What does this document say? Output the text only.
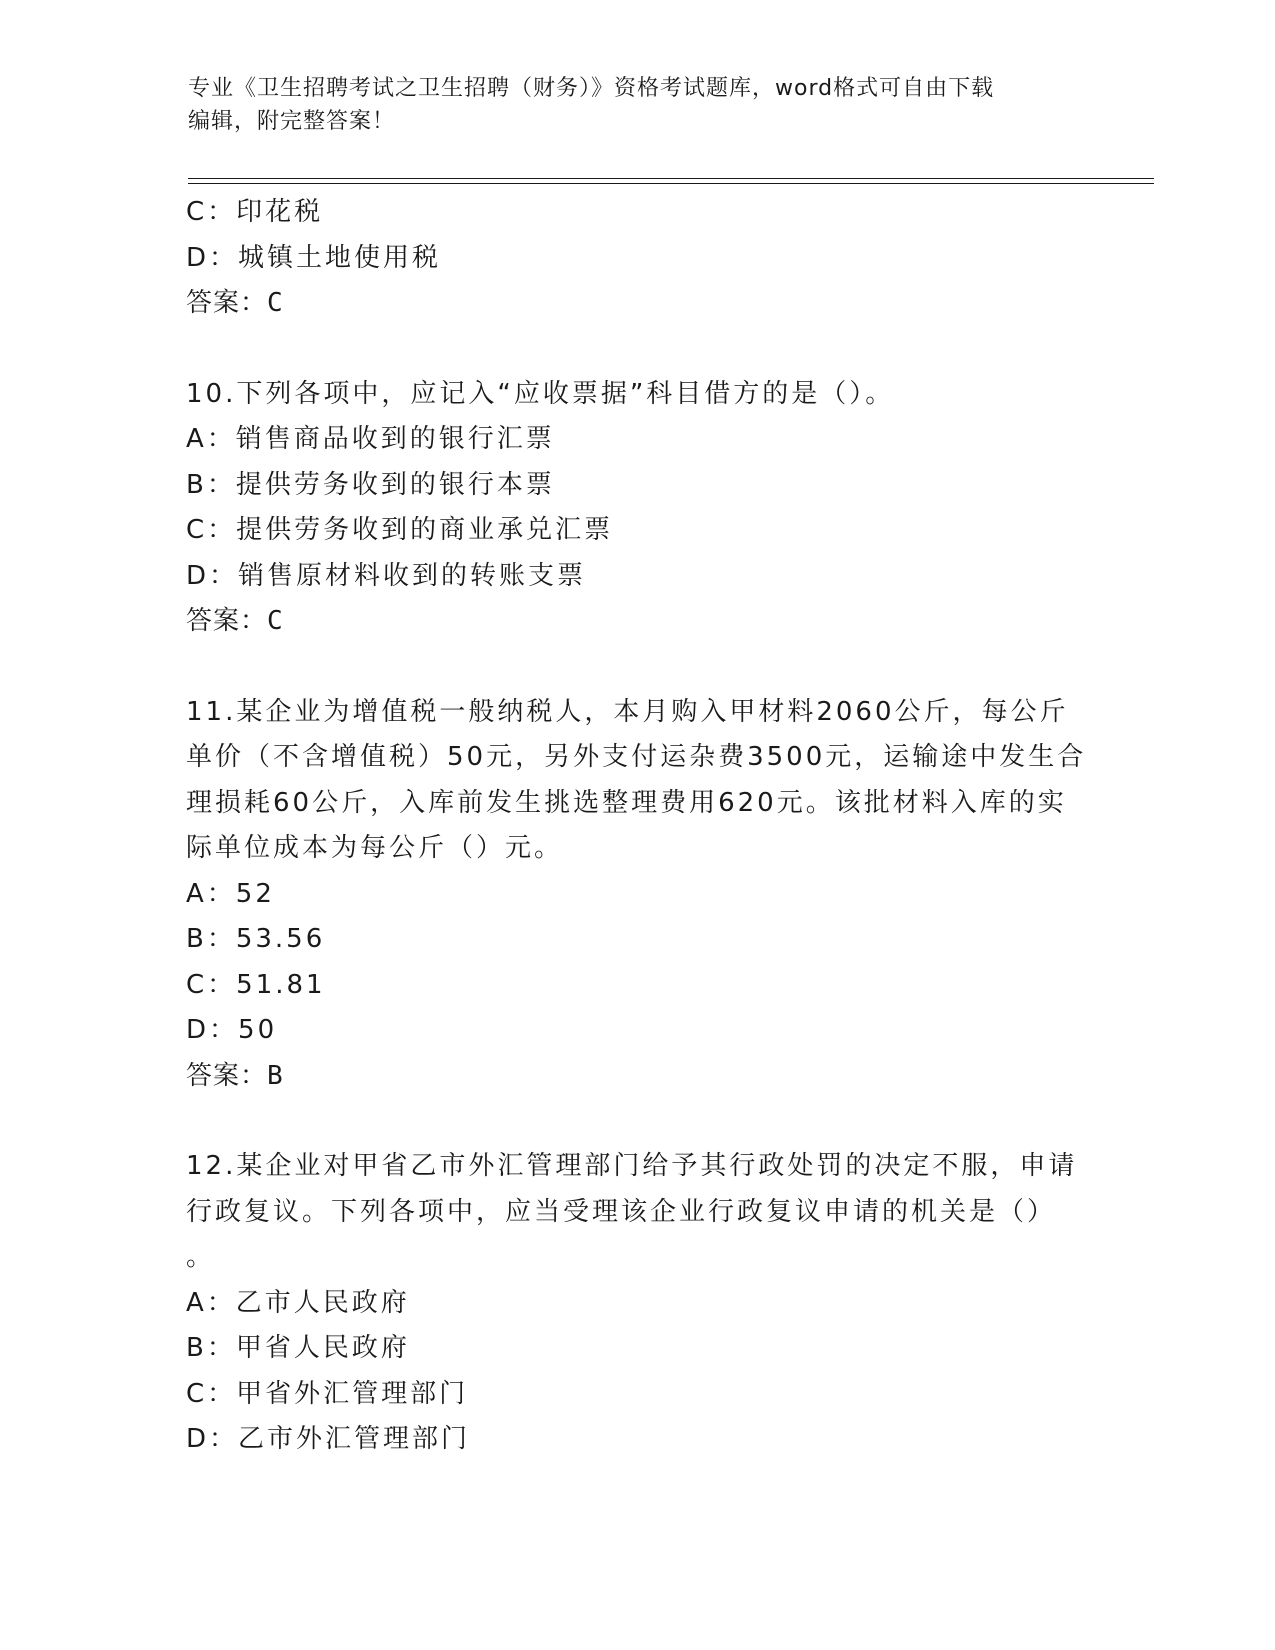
专业《卫生招聘考试之卫生招聘（财务）》资格考试题库，word格式可自由下载
编辑，附完整答案！
C：印花税
D：城镇土地使用税
答案：C
10.下列各项中，应记入“应收票据”科目借方的是（）。
A：销售商品收到的银行汇票
B：提供劳务收到的银行本票
C：提供劳务收到的商业承兑汇票
D：销售原材料收到的转账支票
答案：C
11.某企业为增值税一般纳税人，本月购入甲材料2060公斤，每公斤
单价（不含增值税）50元，另外支付运杂费3500元，运输途中发生合
理损耗60公斤，入库前发生挑选整理费用620元。该批材料入库的实
际单位成本为每公斤（）元。
A：52
B：53.56
C：51.81
D：50
答案：B
12.某企业对甲省乙市外汇管理部门给予其行政处罚的决定不服，申请
行政复议。下列各项中，应当受理该企业行政复议申请的机关是（）
。
A：乙市人民政府
B：甲省人民政府
C：甲省外汇管理部门
D：乙市外汇管理部门
